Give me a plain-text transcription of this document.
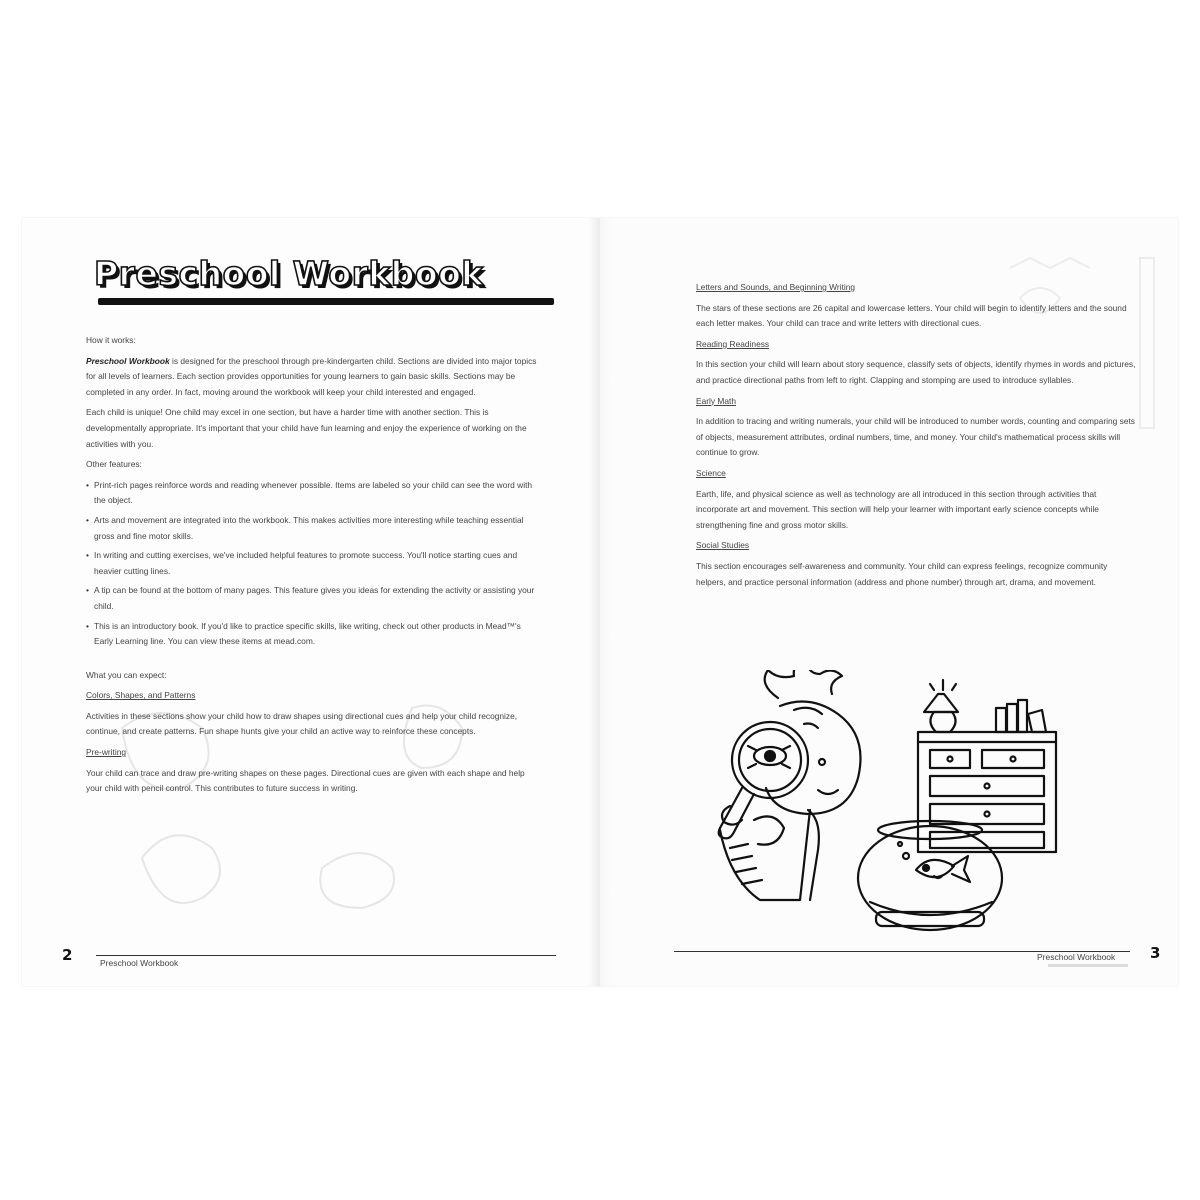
Preschool Workbook

How it works:

Preschool Workbook is designed for the preschool through pre-kindergarten child. Sections are divided into major topics for all levels of learners. Each section provides opportunities for young learners to gain basic skills. Sections may be completed in any order. In fact, moving around the workbook will keep your child interested and engaged.

Each child is unique! One child may excel in one section, but have a harder time with another section. This is developmentally appropriate. It's important that your child have fun learning and enjoy the experience of working on the activities with you.

Other features:

• Print-rich pages reinforce words and reading whenever possible. Items are labeled so your child can see the word with the object.
• Arts and movement are integrated into the workbook. This makes activities more interesting while teaching essential gross and fine motor skills.
• In writing and cutting exercises, we've included helpful features to promote success. You'll notice starting cues and heavier cutting lines.
• A tip can be found at the bottom of many pages. This feature gives you ideas for extending the activity or assisting your child.
• This is an introductory book. If you'd like to practice specific skills, like writing, check out other products in Mead™'s Early Learning line. You can view these items at mead.com.

What you can expect:

Colors, Shapes, and Patterns

Activities in these sections show your child how to draw shapes using directional cues and help your child recognize, continue, and create patterns. Fun shape hunts give your child an active way to reinforce these concepts.

Pre-writing

Your child can trace and draw pre-writing shapes on these pages. Directional cues are given with each shape and help your child with pencil control. This contributes to future success in writing.

2	Preschool Workbook

Letters and Sounds, and Beginning Writing

The stars of these sections are 26 capital and lowercase letters. Your child will begin to identify letters and the sound each letter makes. Your child can trace and write letters with directional cues.

Reading Readiness

In this section your child will learn about story sequence, classify sets of objects, identify rhymes in words and pictures, and practice directional paths from left to right. Clapping and stomping are used to introduce syllables.

Early Math

In addition to tracing and writing numerals, your child will be introduced to number words, counting and comparing sets of objects, measurement attributes, ordinal numbers, time, and money. Your child's mathematical process skills will continue to grow.

Science

Earth, life, and physical science as well as technology are all introduced in this section through activities that incorporate art and movement. This section will help your learner with important early science concepts while strengthening fine and gross motor skills.

Social Studies

This section encourages self-awareness and community. Your child can express feelings, recognize community helpers, and practice personal information (address and phone number) through art, drama, and movement.

Preschool Workbook 3
